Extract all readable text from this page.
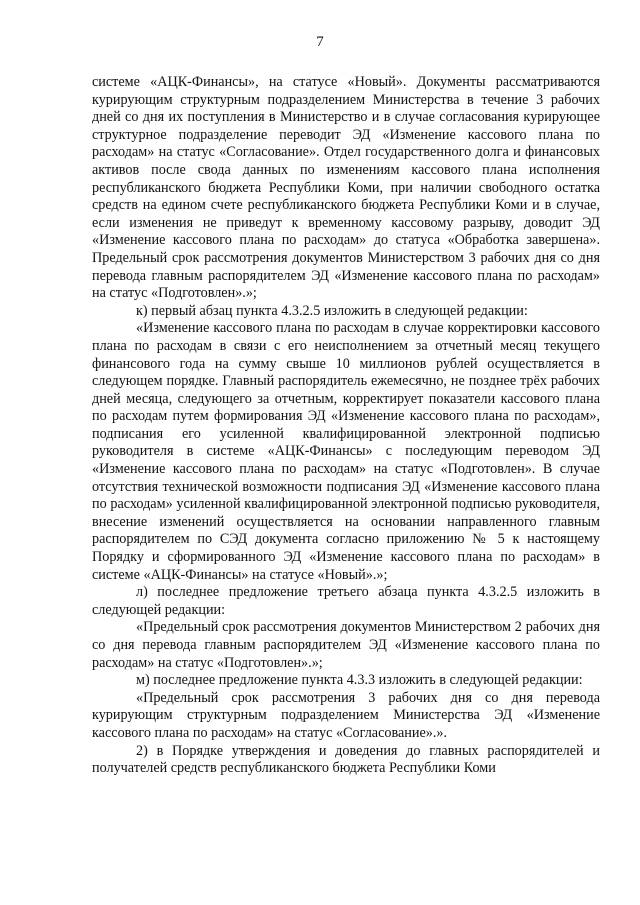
7

системе «АЦК-Финансы», на статусе «Новый». Документы рассматриваются курирующим структурным подразделением Министерства в течение 3 рабочих дней со дня их поступления в Министерство и в случае согласования курирующее структурное подразделение переводит ЭД «Изменение кассового плана по расходам» на статус «Согласование». Отдел государственного долга и финансовых активов после свода данных по изменениям кассового плана исполнения республиканского бюджета Республики Коми, при наличии свободного остатка средств на едином счете республиканского бюджета Республики Коми и в случае, если изменения не приведут к временному кассовому разрыву, доводит ЭД «Изменение кассового плана по расходам» до статуса «Обработка завершена». Предельный срок рассмотрения документов Министерством 3 рабочих дня со дня перевода главным распорядителем ЭД «Изменение кассового плана по расходам» на статус «Подготовлен».»;

к) первый абзац пункта 4.3.2.5 изложить в следующей редакции:

«Изменение кассового плана по расходам в случае корректировки кассового плана по расходам в связи с его неисполнением за отчетный месяц текущего финансового года на сумму свыше 10 миллионов рублей осуществляется в следующем порядке. Главный распорядитель ежемесячно, не позднее трёх рабочих дней месяца, следующего за отчетным, корректирует показатели кассового плана по расходам путем формирования ЭД «Изменение кассового плана по расходам», подписания его усиленной квалифицированной электронной подписью руководителя в системе «АЦК-Финансы» с последующим переводом ЭД «Изменение кассового плана по расходам» на статус «Подготовлен». В случае отсутствия технической возможности подписания ЭД «Изменение кассового плана по расходам» усиленной квалифицированной электронной подписью руководителя, внесение изменений осуществляется на основании направленного главным распорядителем по СЭД документа согласно приложению № 5 к настоящему Порядку и сформированного ЭД «Изменение кассового плана по расходам» в системе «АЦК-Финансы» на статусе «Новый».»;

л) последнее предложение третьего абзаца пункта 4.3.2.5 изложить в следующей редакции:

«Предельный срок рассмотрения документов Министерством 2 рабочих дня со дня перевода главным распорядителем ЭД «Изменение кассового плана по расходам» на статус «Подготовлен».»;

м) последнее предложение пункта 4.3.3 изложить в следующей редакции:

«Предельный срок рассмотрения 3 рабочих дня со дня перевода курирующим структурным подразделением Министерства ЭД «Изменение кассового плана по расходам» на статус «Согласование».».

2) в Порядке утверждения и доведения до главных распорядителей и получателей средств республиканского бюджета Республики Коми
